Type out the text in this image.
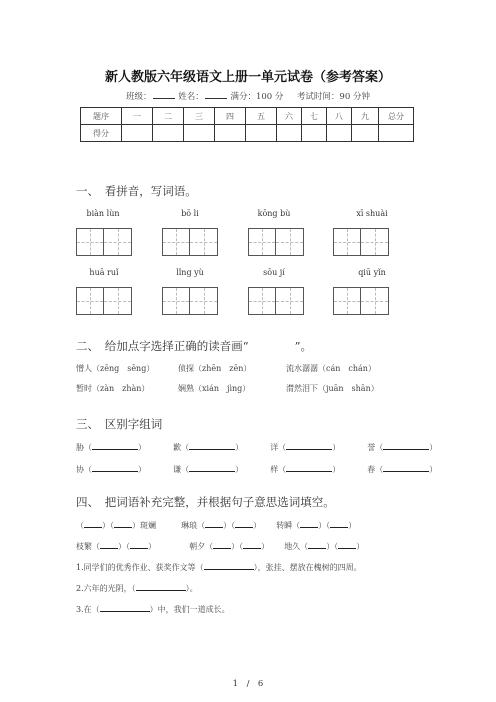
新人教版六年级语文上册一单元试卷（参考答案）
班级：	姓名：	满分：100 分 考试时间：90 分钟
题序	一	二	三	四	五	六	七	八	九	总分
得分										
一、　看拼音，写词语。
biàn lùn	bō li	kōng bù	xī shuài
huā ruǐ	lǐng yù	sōu jí	qiū yǐn
二、　给加点字选择正确的读音画“　　　　”。
憎人（zēng　sēng）	侦探（zhēn　zēn）	流水潺潺（cán　chán）
暂时（zàn　zhàn）	娴熟（xián　jìng）	潸然泪下（juān　shān）
三、　区别字组词
胁（	）	歉（	）	详（	）	誉（	）
协（	）	谦（	）	样（	）	春（	）
四、　把词语补充完整，并根据句子意思选词填空。
（ ）（ ）斑斓	琳琅（ ）（ ） 转瞬（ ）（ ）
枝繁（ ）（ ）	朝夕（ ）（ ） 地久（ ）（ ）
1.同学们的优秀作业、获奖作文等（	），张挂、摆放在槐树的四周。
2.六年的光阴，（	）。
3.在（	）中，我们一道成长。
1　/　6
